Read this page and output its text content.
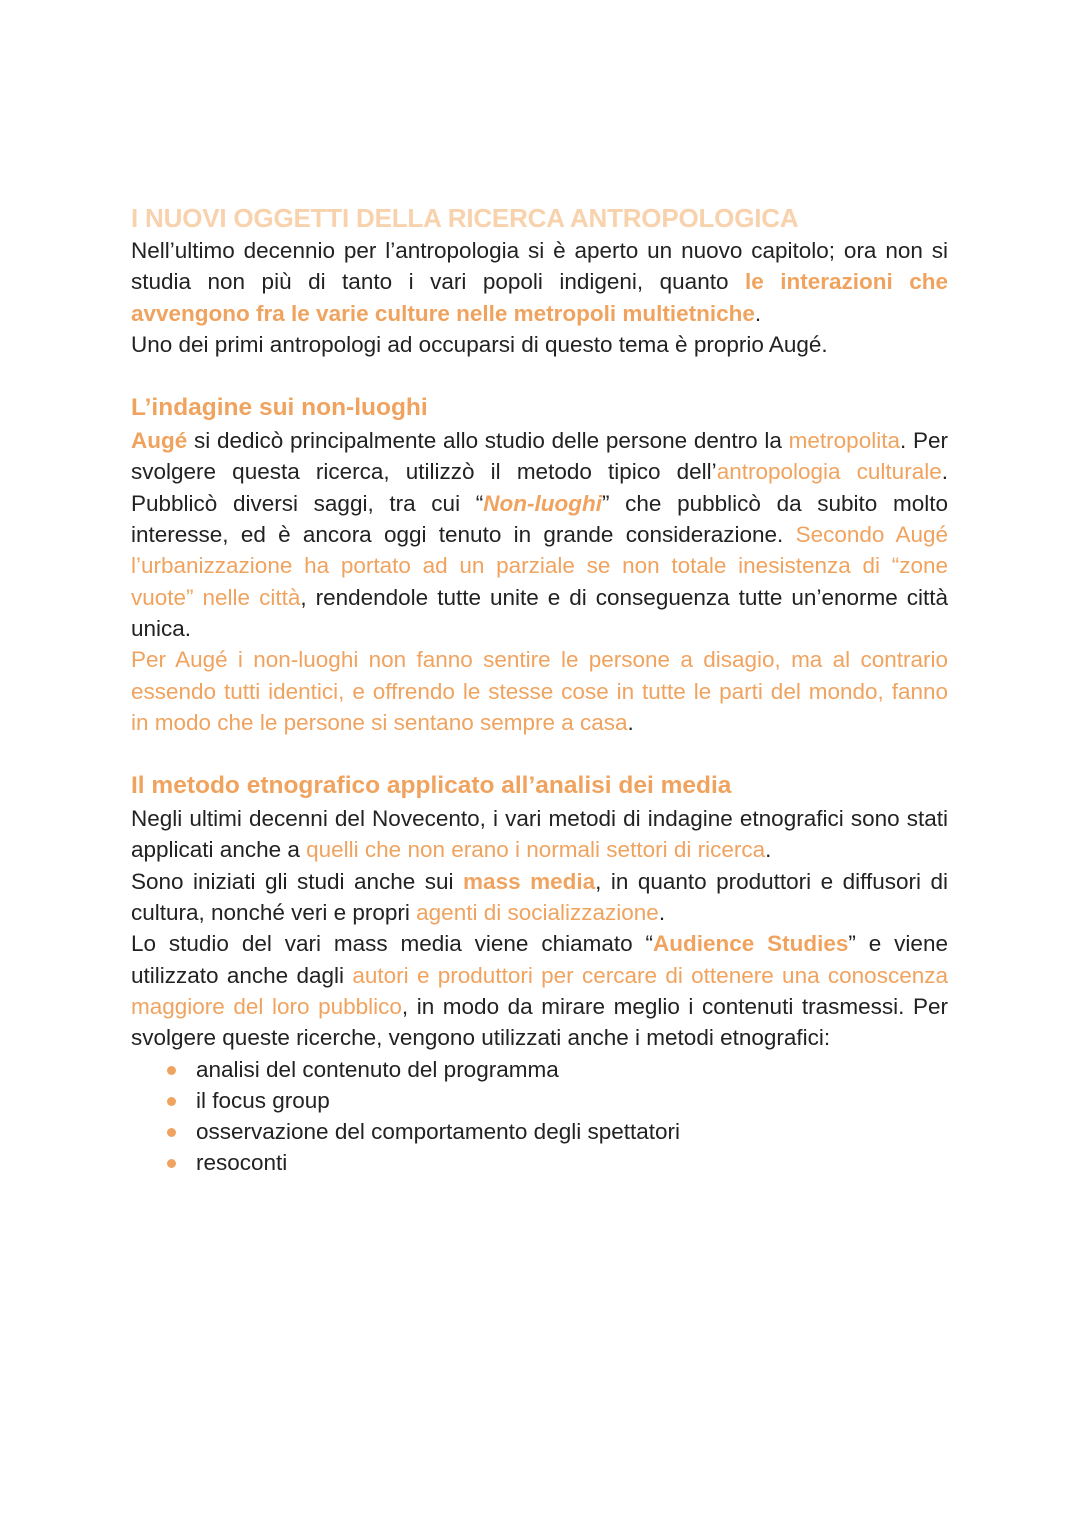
I NUOVI OGGETTI DELLA RICERCA ANTROPOLOGICA

Nell’ultimo decennio per l’antropologia si è aperto un nuovo capitolo; ora non si studia non più di tanto i vari popoli indigeni, quanto le interazioni che avvengono fra le varie culture nelle metropoli multietniche.

Uno dei primi antropologi ad occuparsi di questo tema è proprio Augé.

L’indagine sui non-luoghi

Augé si dedicò principalmente allo studio delle persone dentro la metropolita. Per svolgere questa ricerca, utilizzò il metodo tipico dell’antropologia culturale. Pubblicò diversi saggi, tra cui “Non-luoghi” che pubblicò da subito molto interesse, ed è ancora oggi tenuto in grande considerazione. Secondo Augé l’urbanizzazione ha portato ad un parziale se non totale inesistenza di “zone vuote” nelle città, rendendole tutte unite e di conseguenza tutte un’enorme città unica.

Per Augé i non-luoghi non fanno sentire le persone a disagio, ma al contrario essendo tutti identici, e offrendo le stesse cose in tutte le parti del mondo, fanno in modo che le persone si sentano sempre a casa.

Il metodo etnografico applicato all’analisi dei media

Negli ultimi decenni del Novecento, i vari metodi di indagine etnografici sono stati applicati anche a quelli che non erano i normali settori di ricerca.

Sono iniziati gli studi anche sui mass media, in quanto produttori e diffusori di cultura, nonché veri e propri agenti di socializzazione.

Lo studio del vari mass media viene chiamato “Audience Studies” e viene utilizzato anche dagli autori e produttori per cercare di ottenere una conoscenza maggiore del loro pubblico, in modo da mirare meglio i contenuti trasmessi. Per svolgere queste ricerche, vengono utilizzati anche i metodi etnografici:

analisi del contenuto del programma
il focus group
osservazione del comportamento degli spettatori
resoconti
